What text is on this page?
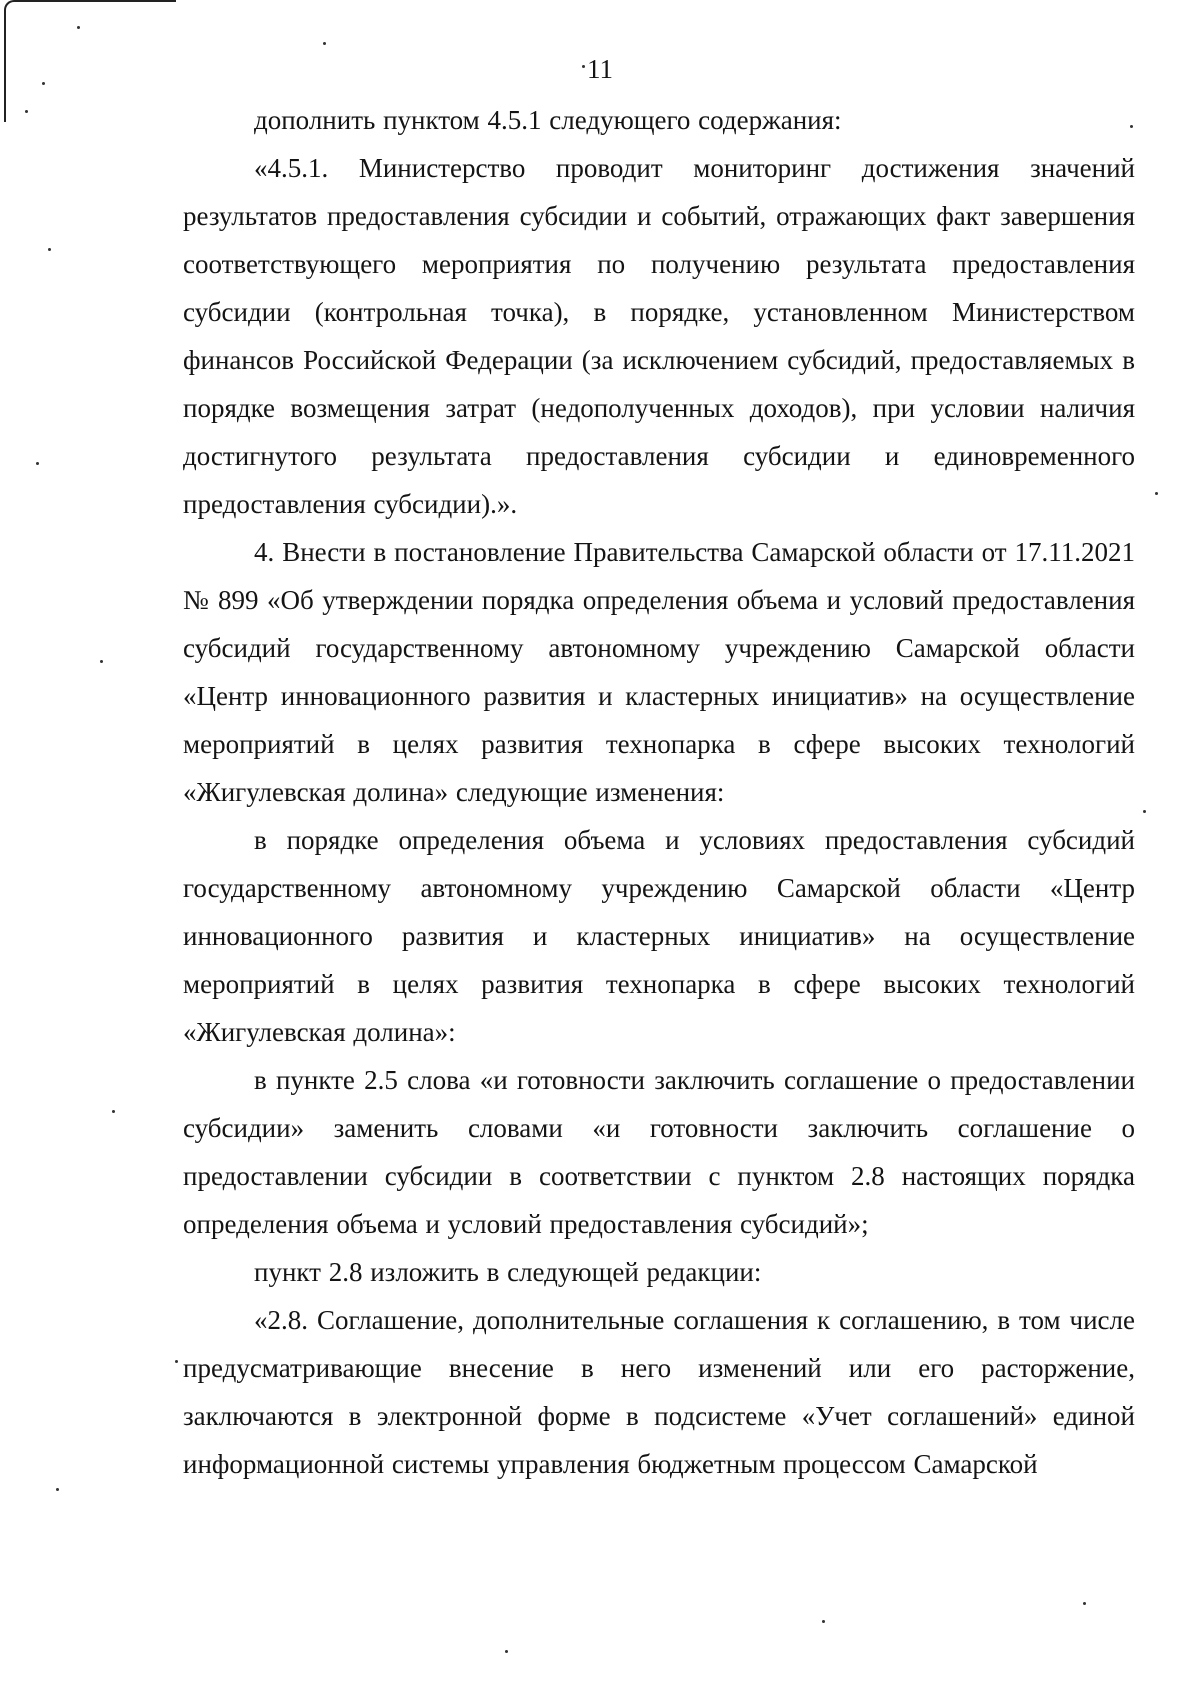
11

дополнить пунктом 4.5.1 следующего содержания:

«4.5.1. Министерство проводит мониторинг достижения значений результатов предоставления субсидии и событий, отражающих факт завершения соответствующего мероприятия по получению результата предоставления субсидии (контрольная точка), в порядке, установленном Министерством финансов Российской Федерации (за исключением субсидий, предоставляемых в порядке возмещения затрат (недополученных доходов), при условии наличия достигнутого результата предоставления субсидии и единовременного предоставления субсидии).».

4. Внести в постановление Правительства Самарской области от 17.11.2021 № 899 «Об утверждении порядка определения объема и условий предоставления субсидий государственному автономному учреждению Самарской области «Центр инновационного развития и кластерных инициатив» на осуществление мероприятий в целях развития технопарка в сфере высоких технологий «Жигулевская долина» следующие изменения:

в порядке определения объема и условиях предоставления субсидий государственному автономному учреждению Самарской области «Центр инновационного развития и кластерных инициатив» на осуществление мероприятий в целях развития технопарка в сфере высоких технологий «Жигулевская долина»:

в пункте 2.5 слова «и готовности заключить соглашение о предоставлении субсидии» заменить словами «и готовности заключить соглашение о предоставлении субсидии в соответствии с пунктом 2.8 настоящих порядка определения объема и условий предоставления субсидий»;

пункт 2.8 изложить в следующей редакции:

«2.8. Соглашение, дополнительные соглашения к соглашению, в том числе предусматривающие внесение в него изменений или его расторжение, заключаются в электронной форме в подсистеме «Учет соглашений» единой информационной системы управления бюджетным процессом Самарской
